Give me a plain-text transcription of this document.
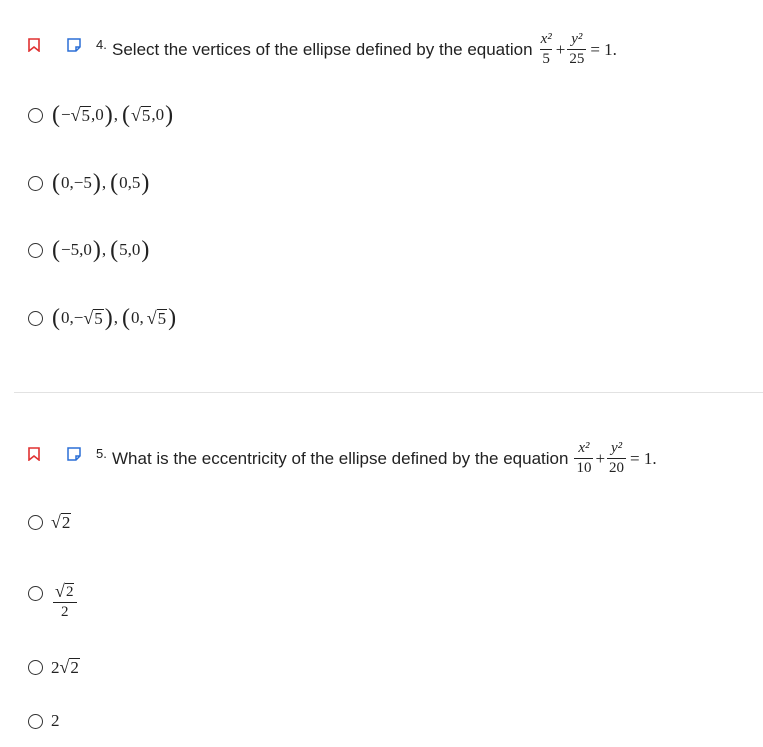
4. Select the vertices of the ellipse defined by the equation $\frac{\text{x²}}{5} + \frac{\text{y²}}{25} = 1$.
( − √ 5 ,0 ) , ( √ 5 ,0 )
( 0,−5 ) , ( 0,5 )
( −5,0 ) , ( 5,0 )
( 0,− √ 5 ) , ( 0, √ 5 )
5. What is the eccentricity of the ellipse defined by the equation $\frac{\text{x²}}{10} + \frac{\text{y²}}{20} = 1$.
√ 2
$\frac{√ 2}{2}$
2 √ 2
2
